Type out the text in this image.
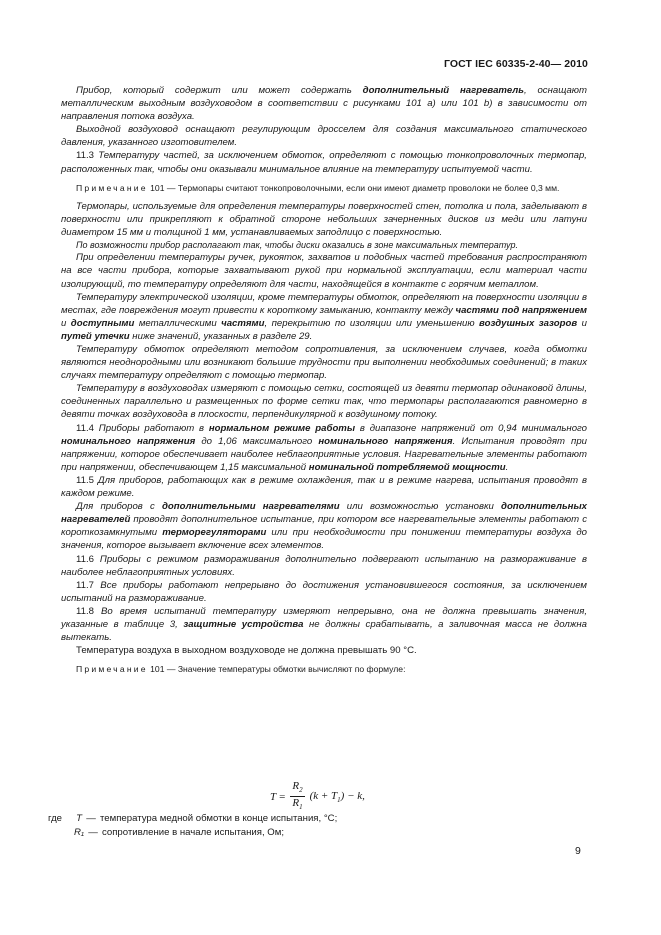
ГОСТ IEC 60335-2-40— 2010

Прибор, который содержит или может содержать дополнительный нагреватель, оснащают металлическим выходным воздуховодом в соответствии с рисунками 101 а) или 101 b) в зависимости от направления потока воздуха.

Выходной воздуховод оснащают регулирующим дросселем для создания максимального статического давления, указанного изготовителем.

11.3 Температуру частей, за исключением обмоток, определяют с помощью тонкопроволочных термопар, расположенных так, чтобы они оказывали минимальное влияние на температуру испытуемой части.

Примечание 101 — Термопары считают тонкопроволочными, если они имеют диаметр проволоки не более 0,3 мм.

Термопары, используемые для определения температуры поверхностей стен, потолка и пола, заделывают в поверхности или прикрепляют к обратной стороне небольших зачерненных дисков из меди или латуни диаметром 15 мм и толщиной 1 мм, устанавливаемых заподлицо с поверхностью.

По возможности прибор располагают так, чтобы диски оказались в зоне максимальных температур.

При определении температуры ручек, рукояток, захватов и подобных частей требования распространяют на все части прибора, которые захватывают рукой при нормальной эксплуатации, если материал части изолирующий, то температуру определяют для части, находящейся в контакте с горячим металлом.

Температуру электрической изоляции, кроме температуры обмоток, определяют на поверхности изоляции в местах, где повреждения могут привести к короткому замыканию, контакту между частями под напряжением и доступными металлическими частями, перекрытию по изоляции или уменьшению воздушных зазоров и путей утечки ниже значений, указанных в разделе 29.

Температуру обмоток определяют методом сопротивления, за исключением случаев, когда обмотки являются неоднородными или возникают большие трудности при выполнении необходимых соединений; в таких случаях температуру определяют с помощью термопар.

Температуру в воздуховодах измеряют с помощью сетки, состоящей из девяти термопар одинаковой длины, соединенных параллельно и размещенных по форме сетки так, что термопары располагаются равномерно в девяти точках воздуховода в плоскости, перпендикулярной к воздушному потоку.

11.4 Приборы работают в нормальном режиме работы в диапазоне напряжений от 0,94 минимального номинального напряжения до 1,06 максимального номинального напряжения. Испытания проводят при напряжении, которое обеспечивает наиболее неблагоприятные условия. Нагревательные элементы работают при напряжении, обеспечивающем 1,15 максимальной номинальной потребляемой мощности.

11.5 Для приборов, работающих как в режиме охлаждения, так и в режиме нагрева, испытания проводят в каждом режиме.

Для приборов с дополнительными нагревателями или возможностью установки дополнительных нагревателей проводят дополнительное испытание, при котором все нагревательные элементы работают с короткозамкнутыми терморегуляторами или при необходимости при понижении температуры воздуха до значения, которое вызывает включение всех элементов.

11.6 Приборы с режимом размораживания дополнительно подвергают испытанию на размораживание в наиболее неблагоприятных условиях.

11.7 Все приборы работают непрерывно до достижения установившегося состояния, за исключением испытаний на размораживание.

11.8 Во время испытаний температуру измеряют непрерывно, она не должна превышать значения, указанные в таблице 3, защитные устройства не должны срабатывать, а заливочная масса не должна вытекать.

Температура воздуха в выходном воздуховоде не должна превышать 90 °С.

Примечание 101 — Значение температуры обмотки вычисляют по формуле:

$T = \frac{R_2}{R_1} (k + T_1) - k$,
где T — температура медной обмотки в конце испытания, °С;
R₁ — сопротивление в начале испытания, Ом;
9
